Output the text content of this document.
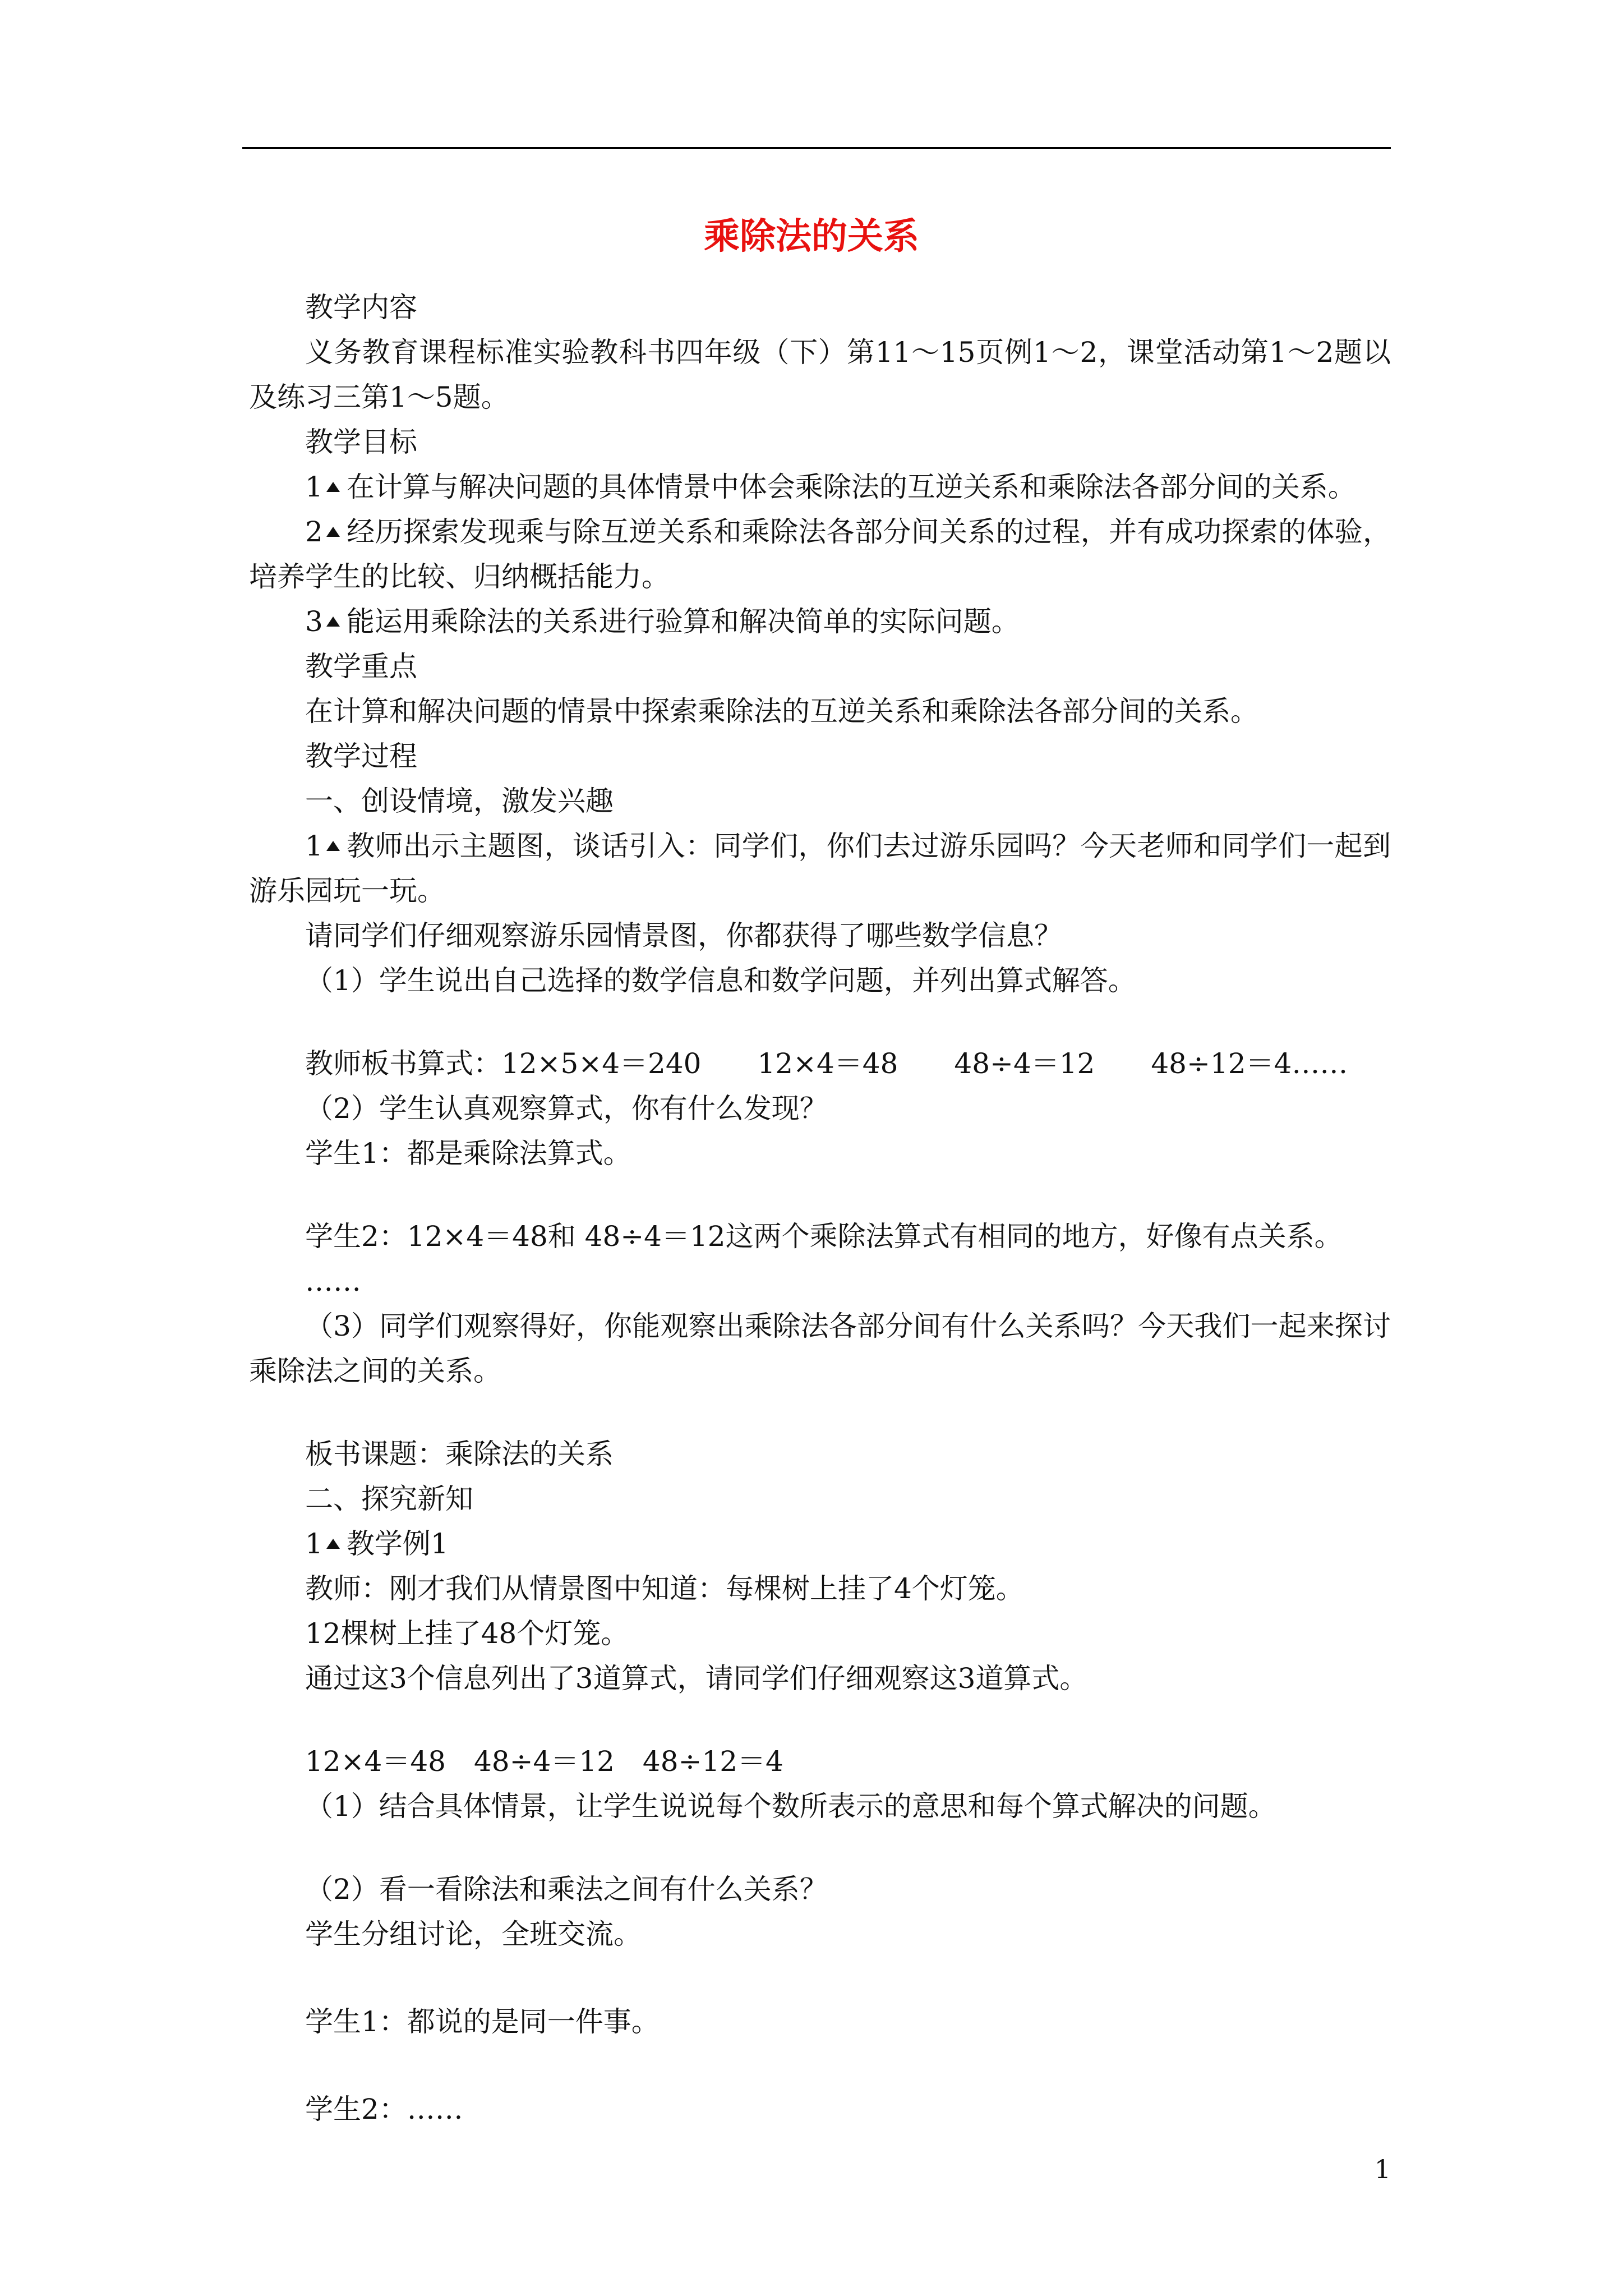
乘除法的关系

教学内容

义务教育课程标准实验教科书四年级（下）第11～15页例1～2，课堂活动第1～2题以及练习三第1～5题。

教学目标

1 在计算与解决问题的具体情景中体会乘除法的互逆关系和乘除法各部分间的关系。

2 经历探索发现乘与除互逆关系和乘除法各部分间关系的过程，并有成功探索的体验，培养学生的比较、归纳概括能力。

3 能运用乘除法的关系进行验算和解决简单的实际问题。

教学重点

在计算和解决问题的情景中探索乘除法的互逆关系和乘除法各部分间的关系。

教学过程

一、创设情境，激发兴趣

1 教师出示主题图，谈话引入：同学们，你们去过游乐园吗？今天老师和同学们一起到游乐园玩一玩。

请同学们仔细观察游乐园情景图，你都获得了哪些数学信息？

（1）学生说出自己选择的数学信息和数学问题，并列出算式解答。

教师板书算式：12×5×4＝240　　12×4＝48　　48÷4＝12　　48÷12＝4……

（2）学生认真观察算式，你有什么发现？

学生1：都是乘除法算式。

学生2：12×4＝48和 48÷4＝12这两个乘除法算式有相同的地方，好像有点关系。

……

（3）同学们观察得好，你能观察出乘除法各部分间有什么关系吗？今天我们一起来探讨乘除法之间的关系。

板书课题：乘除法的关系

二、探究新知

1 教学例1

教师：刚才我们从情景图中知道：每棵树上挂了4个灯笼。

12棵树上挂了48个灯笼。

通过这3个信息列出了3道算式，请同学们仔细观察这3道算式。

12×4＝48　48÷4＝12　48÷12＝4

（1）结合具体情景，让学生说说每个数所表示的意思和每个算式解决的问题。

（2）看一看除法和乘法之间有什么关系？

学生分组讨论，全班交流。

学生1：都说的是同一件事。

学生2：……

1
